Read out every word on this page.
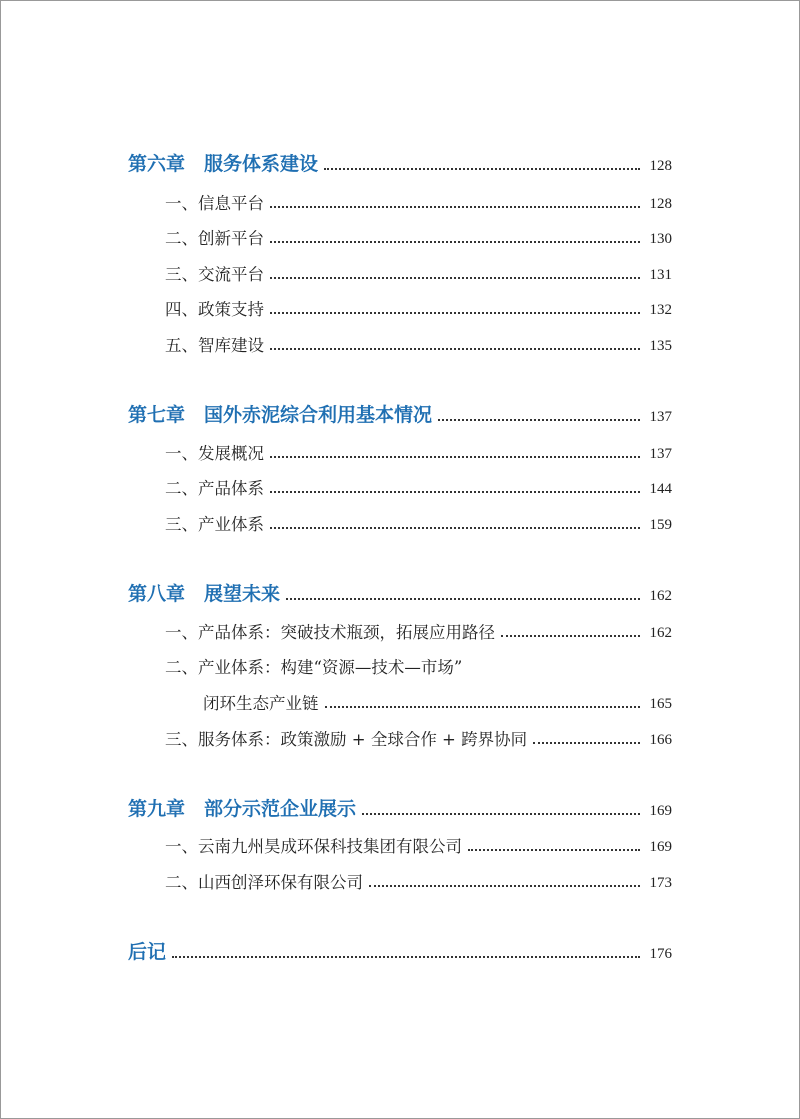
第六章　服务体系建设	128
一、信息平台	128
二、创新平台	130
三、交流平台	131
四、政策支持	132
五、智库建设	135
第七章　国外赤泥综合利用基本情况	137
一、发展概况	137
二、产品体系	144
三、产业体系	159
第八章　展望未来	162
一、产品体系：突破技术瓶颈，拓展应用路径	162
二、产业体系：构建“资源—技术—市场”
闭环生态产业链	165
三、服务体系：政策激励 + 全球合作 + 跨界协同	166
第九章　部分示范企业展示	169
一、云南九州昊成环保科技集团有限公司	169
二、山西创泽环保有限公司	173
后记	176
